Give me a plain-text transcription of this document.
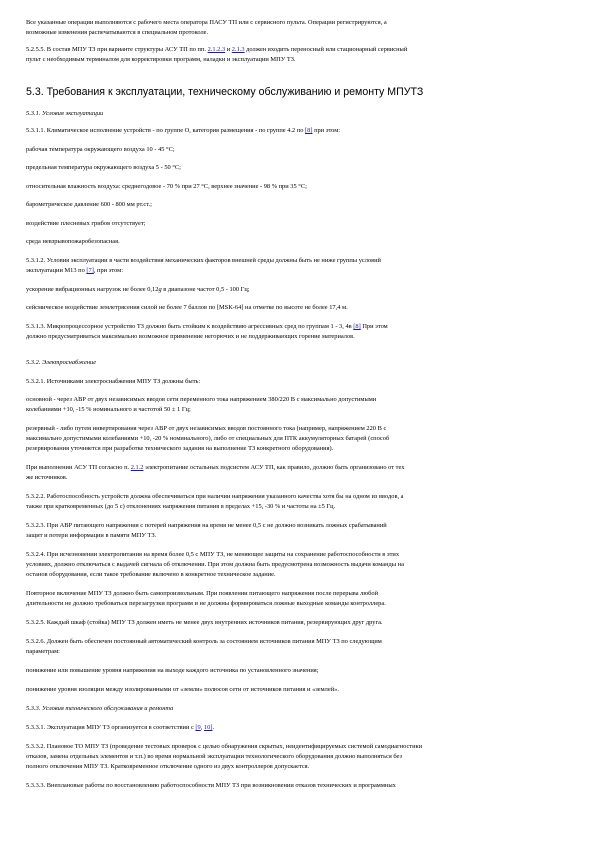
Все указанные операции выполняются с рабочего места оператора ПАСУ ТП или с сервисного пульта. Операции регистрируются, а
возможные изменения распечатываются в специальном протоколе.
5.2.5.5. В состав МПУ ТЗ при варианте структуры АСУ ТП по пп. 2.1.2.3 и 2.1.3 должен входить переносный или стационарный сервисный
пульт с необходимым терминалом для корректировки программ, наладки и эксплуатации МПУ ТЗ.
5.3. Требования к эксплуатации, техническому обслуживанию и ремонту МПУТЗ
5.3.1. Условия эксплуатации
5.3.1.1. Климатическое исполнение устройств - по группе О, категория размещения - по группе 4.2 по [8] при этом:
рабочая температура окружающего воздуха 10 - 45 °С;
предельная температура окружающего воздуха 5 - 50 °С;
относительная влажность воздуха: среднегодовое - 70 % при 27 °С, верхнее значение - 98 % при 35 °С;
барометрическое давление 600 - 800 мм рт.ст.;
воздействие плесневых грибов отсутствует;
среда невзрывопожаробезопасная.
5.3.1.2. Условия эксплуатации в части воздействия механических факторов внешней среды должны быть не ниже группы условий
эксплуатации М13 по [7], при этом:
ускорение вибрационных нагрузок не более 0,12g в диапазоне частот 0,5 - 100 Гц;
сейсмическое воздействие землетрясения силой не более 7 баллов по [MSK-64] на отметке по высоте не более 17,4 м.
5.3.1.3. Микропроцессорное устройство ТЗ должно быть стойким к воздействию агрессивных сред по группам 1 - 3, 4в [8] При этом
должно предусматриваться максимально возможное применение негорючих и не поддерживающих горение материалов.
5.3.2. Электроснабжение
5.3.2.1. Источниками электроснабжения МПУ ТЗ должны быть:
основной - через АВР от двух независимых вводов сети переменного тока напряжением 380/220 В с максимально допустимыми
колебаниями +10, -15 % номинального и частотой 50 ± 1 Гц;
резервный - либо путем инвертирования через АВР от двух независимых вводов постоянного тока (например, напряжением 220 В с
максимально допустимыми колебаниями +10, -20 % номинального), либо от специальных для ПТК аккумуляторных батарей (способ
резервирования уточняется при разработке технического задания на выполнение ТЗ конкретного оборудования).
При выполнении АСУ ТП согласно п. 2.1.2 электропитание остальных подсистем АСУ ТП, как правило, должно быть организовано от тех
же источников.
5.3.2.2. Работоспособность устройств должна обеспечиваться при наличии напряжения указанного качества хотя бы на одном из вводов, а
также при кратковременных (до 5 с) отклонениях напряжения питания в пределах +15, -30 % и частоты на ±5 Гц.
5.3.2.3. При АВР питающего напряжения с потерей напряжения на время не менее 0,5 с не должно возникать ложных срабатываний
защит и потери информации в памяти МПУ ТЗ.
5.3.2.4. При исчезновении электропитания на время более 0,5 с МПУ ТЗ, не меняющее защиты на сохранение работоспособности в этих
условиях, должно отключаться с выдачей сигнала об отключении. При этом должна быть предусмотрена возможность выдачи команды на
останов оборудования, если такое требование включено в конкретное техническое задание.
Повторное включение МПУ ТЗ должно быть самопроизвольным. При появлении питающего напряжения после перерыва любой
длительности не должно требоваться перезагрузки программ и не должны формироваться ложные выходные команды контроллера.
5.3.2.5. Каждый шкаф (стойка) МПУ ТЗ должен иметь не менее двух внутренних источников питания, резервирующих друг друга.
5.3.2.6. Должен быть обеспечен постоянный автоматический контроль за состоянием источников питания МПУ ТЗ по следующим
параметрам:
понижение или повышение уровня напряжения на выходе каждого источника по установленного значения;
понижение уровня изоляции между изолированными от «земли» полюсов сети от источников питания и «землей».
5.3.3. Условия технического обслуживания и ремонта
5.3.3.1. Эксплуатация МПУ ТЗ организуется в соответствии с [9, 10].
5.3.3.2. Плановое ТО МПУ ТЗ (проведение тестовых проверок с целью обнаружения скрытых, неидентифицируемых системой самодиагностики
отказов, замена отдельных элементов и т.п.) во время нормальной эксплуатации технологического оборудования должно выполняться без
полного отключения МПУ ТЗ. Кратковременное отключение одного из двух контроллеров допускается.
5.3.3.3. Внеплановые работы по восстановлению работоспособности МПУ ТЗ при возникновении отказов технических и программных
